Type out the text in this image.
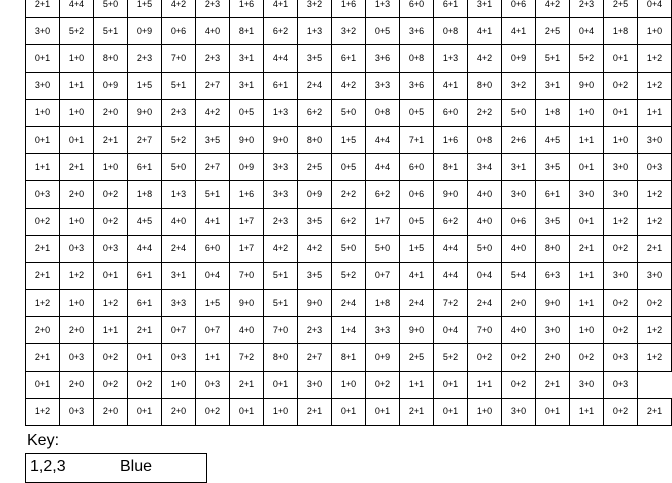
2+1	4+4	5+0	1+5	4+2	2+3	1+6	4+1	3+2	1+6	1+3	6+0	6+1	3+1	0+6	4+2	2+3	2+5	0+4
3+0	5+2	5+1	0+9	0+6	4+0	8+1	6+2	1+3	3+2	0+5	3+6	0+8	4+1	4+1	2+5	0+4	1+8	1+0
0+1	1+0	8+0	2+3	7+0	2+3	3+1	4+4	3+5	6+1	3+6	0+8	1+3	4+2	0+9	5+1	5+2	0+1	1+2
3+0	1+1	0+9	1+5	5+1	2+7	3+1	6+1	2+4	4+2	3+3	3+6	4+1	8+0	3+2	3+1	9+0	0+2	1+2
1+0	1+0	2+0	9+0	2+3	4+2	0+5	1+3	6+2	5+0	0+8	0+5	6+0	2+2	5+0	1+8	1+0	0+1	1+1
0+1	0+1	2+1	2+7	5+2	3+5	9+0	9+0	8+0	1+5	4+4	7+1	1+6	0+8	2+6	4+5	1+1	1+0	3+0
1+1	2+1	1+0	6+1	5+0	2+7	0+9	3+3	2+5	0+5	4+4	6+0	8+1	3+4	3+1	3+5	0+1	3+0	0+3
0+3	2+0	0+2	1+8	1+3	5+1	1+6	3+3	0+9	2+2	6+2	0+6	9+0	4+0	3+0	6+1	3+0	3+0	1+2
0+2	1+0	0+2	4+5	4+0	4+1	1+7	2+3	3+5	6+2	1+7	0+5	6+2	4+0	0+6	3+5	0+1	1+2	1+2
2+1	0+3	0+3	4+4	2+4	6+0	1+7	4+2	4+2	5+0	5+0	1+5	4+4	5+0	4+0	8+0	2+1	0+2	2+1
2+1	1+2	0+1	6+1	3+1	0+4	7+0	5+1	3+5	5+2	0+7	4+1	4+4	0+4	5+4	6+3	1+1	3+0	3+0
1+2	1+0	1+2	6+1	3+3	1+5	9+0	5+1	9+0	2+4	1+8	2+4	7+2	2+4	2+0	9+0	1+1	0+2	0+2
2+0	2+0	1+1	2+1	0+7	0+7	4+0	7+0	2+3	1+4	3+3	9+0	0+4	7+0	4+0	3+0	1+0	0+2	1+2
2+1	0+3	0+2	0+1	0+3	1+1	7+2	8+0	2+7	8+1	0+9	2+5	5+2	0+2	0+2	2+0	0+2	0+3	1+2
0+1	2+0	0+2	0+2	1+0	0+3	2+1	0+1	3+0	1+0	0+2	1+1	0+1	1+1	0+2	2+1	3+0	0+3	
1+2	0+3	2+0	0+1	2+0	0+2	0+1	1+0	2+1	0+1	0+1	2+1	0+1	1+0	3+0	0+1	1+1	0+2	2+1
Key:
1,2,3	Blue
